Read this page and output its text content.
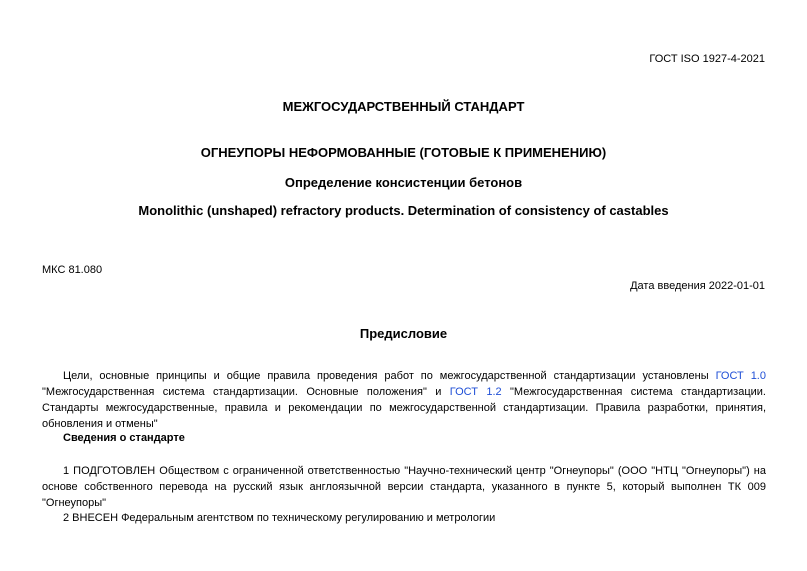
ГОСТ ISO 1927-4-2021
МЕЖГОСУДАРСТВЕННЫЙ СТАНДАРТ
ОГНЕУПОРЫ НЕФОРМОВАННЫЕ (ГОТОВЫЕ К ПРИМЕНЕНИЮ)
Определение консистенции бетонов
Monolithic (unshaped) refractory products. Determination of consistency of castables
МКС 81.080
Дата введения 2022-01-01
Предисловие
Цели, основные принципы и общие правила проведения работ по межгосударственной стандартизации установлены ГОСТ 1.0 "Межгосударственная система стандартизации. Основные положения" и ГОСТ 1.2 "Межгосударственная система стандартизации. Стандарты межгосударственные, правила и рекомендации по межгосударственной стандартизации. Правила разработки, принятия, обновления и отмены"
Сведения о стандарте
1 ПОДГОТОВЛЕН Обществом с ограниченной ответственностью "Научно-технический центр "Огнеупоры" (ООО "НТЦ "Огнеупоры") на основе собственного перевода на русский язык англоязычной версии стандарта, указанного в пункте 5, который выполнен ТК 009 "Огнеупоры"
2 ВНЕСЕН Федеральным агентством по техническому регулированию и метрологии
